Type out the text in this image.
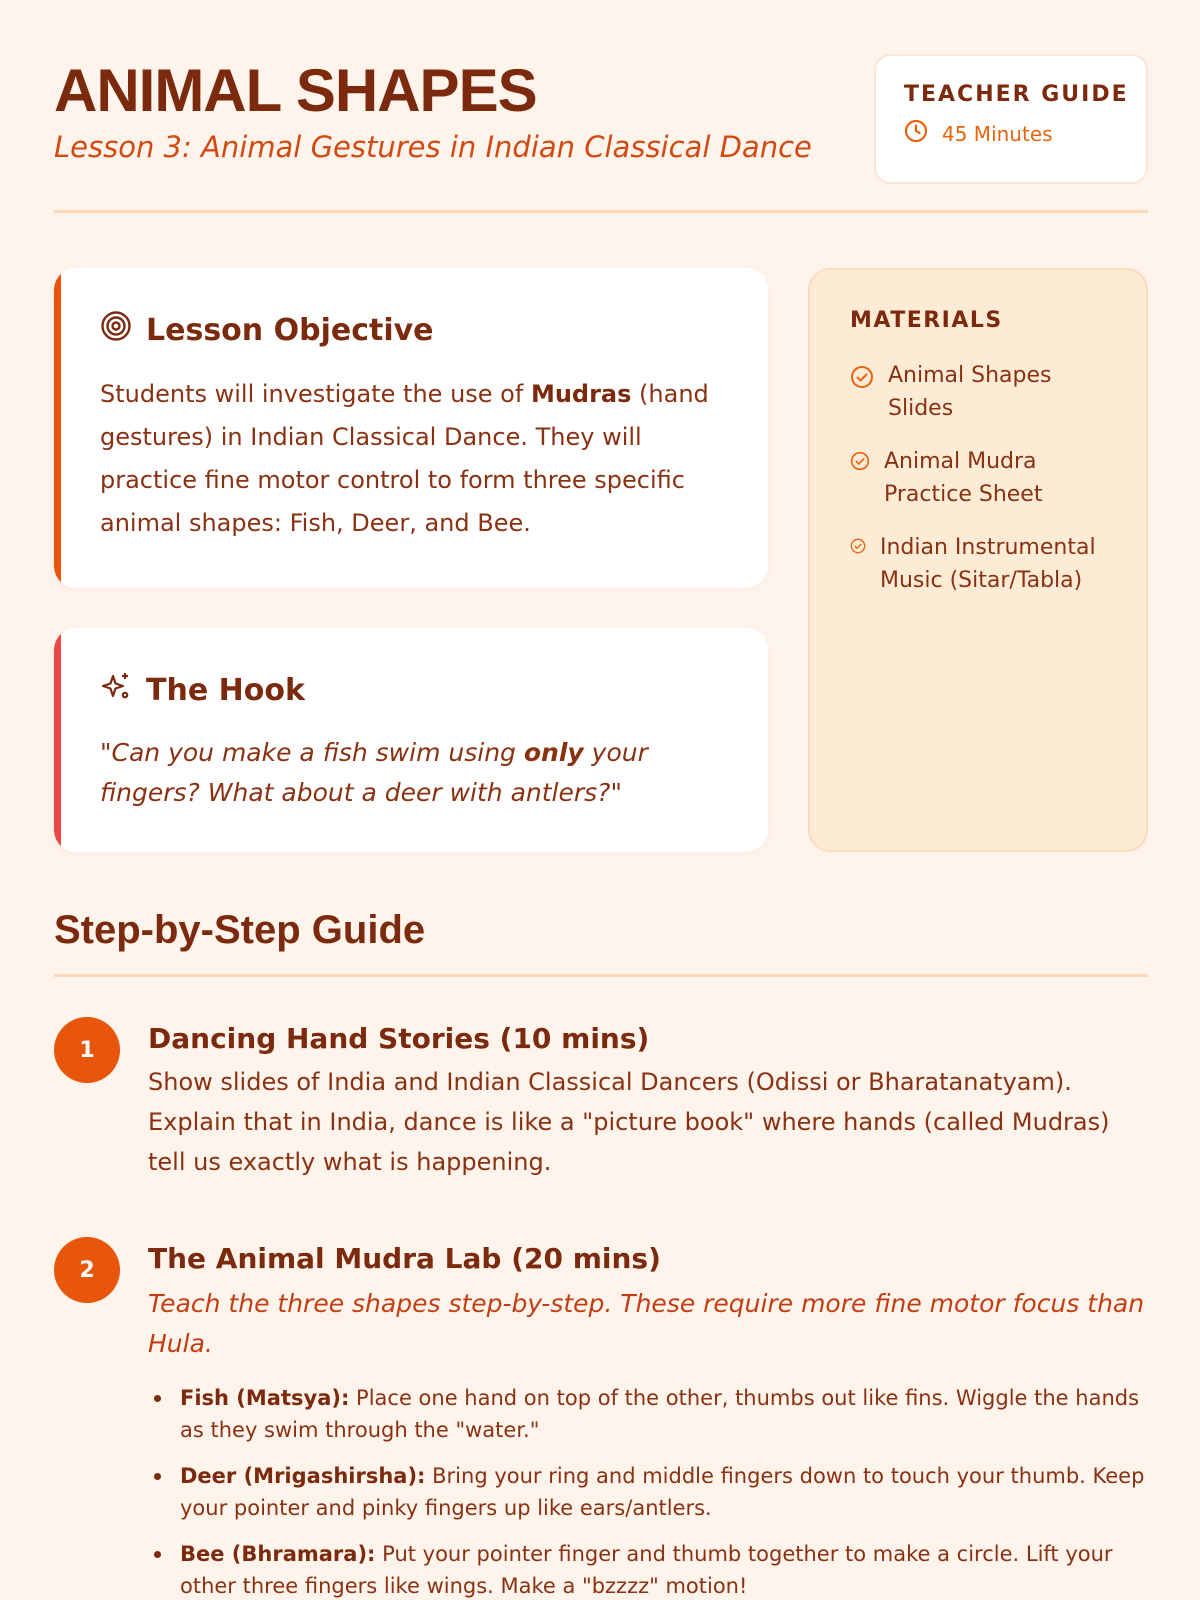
ANIMAL SHAPES
Lesson 3: Animal Gestures in Indian Classical Dance
TEACHER GUIDE
45 Minutes
Lesson Objective
Students will investigate the use of Mudras (hand gestures) in Indian Classical Dance. They will practice fine motor control to form three specific animal shapes: Fish, Deer, and Bee.
The Hook
"Can you make a fish swim using only your fingers? What about a deer with antlers?"
MATERIALS
Animal Shapes Slides
Animal Mudra Practice Sheet
Indian Instrumental Music (Sitar/Tabla)
Step-by-Step Guide
1	Dancing Hand Stories (10 mins)
Show slides of India and Indian Classical Dancers (Odissi or Bharatanatyam). Explain that in India, dance is like a "picture book" where hands (called Mudras) tell us exactly what is happening.
2	The Animal Mudra Lab (20 mins)
Teach the three shapes step-by-step. These require more fine motor focus than Hula.
Fish (Matsya): Place one hand on top of the other, thumbs out like fins. Wiggle the hands as they swim through the "water."
Deer (Mrigashirsha): Bring your ring and middle fingers down to touch your thumb. Keep your pointer and pinky fingers up like ears/antlers.
Bee (Bhramara): Put your pointer finger and thumb together to make a circle. Lift your other three fingers like wings. Make a "bzzzz" motion!
